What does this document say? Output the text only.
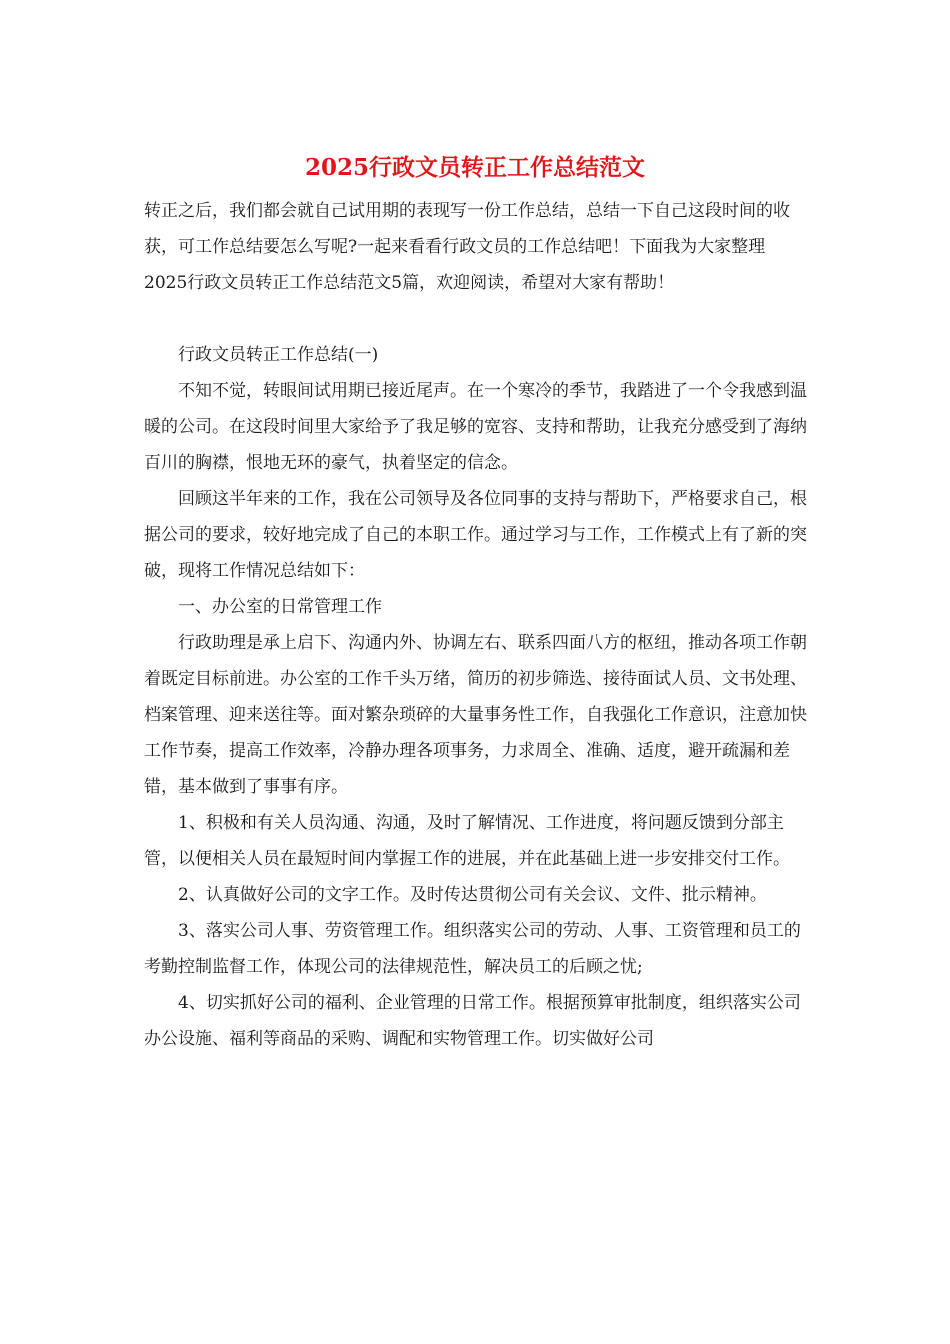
2025行政文员转正工作总结范文

转正之后，我们都会就自己试用期的表现写一份工作总结，总结一下自己这段时间的收获，可工作总结要怎么写呢?一起来看看行政文员的工作总结吧！下面我为大家整理2025行政文员转正工作总结范文5篇，欢迎阅读，希望对大家有帮助！

行政文员转正工作总结(一)

不知不觉，转眼间试用期已接近尾声。在一个寒冷的季节，我踏进了一个令我感到温暖的公司。在这段时间里大家给予了我足够的宽容、支持和帮助，让我充分感受到了海纳百川的胸襟，恨地无环的豪气，执着坚定的信念。

回顾这半年来的工作，我在公司领导及各位同事的支持与帮助下，严格要求自己，根据公司的要求，较好地完成了自己的本职工作。通过学习与工作，工作模式上有了新的突破，现将工作情况总结如下：

一、办公室的日常管理工作

行政助理是承上启下、沟通内外、协调左右、联系四面八方的枢纽，推动各项工作朝着既定目标前进。办公室的工作千头万绪，简历的初步筛选、接待面试人员、文书处理、档案管理、迎来送往等。面对繁杂琐碎的大量事务性工作，自我强化工作意识，注意加快工作节奏，提高工作效率，冷静办理各项事务，力求周全、准确、适度，避开疏漏和差错，基本做到了事事有序。

1、积极和有关人员沟通、沟通，及时了解情况、工作进度，将问题反馈到分部主管，以便相关人员在最短时间内掌握工作的进展，并在此基础上进一步安排交付工作。

2、认真做好公司的文字工作。及时传达贯彻公司有关会议、文件、批示精神。

3、落实公司人事、劳资管理工作。组织落实公司的劳动、人事、工资管理和员工的考勤控制监督工作，体现公司的法律规范性，解决员工的后顾之忧;

4、切实抓好公司的福利、企业管理的日常工作。根据预算审批制度，组织落实公司办公设施、福利等商品的采购、调配和实物管理工作。切实做好公司
